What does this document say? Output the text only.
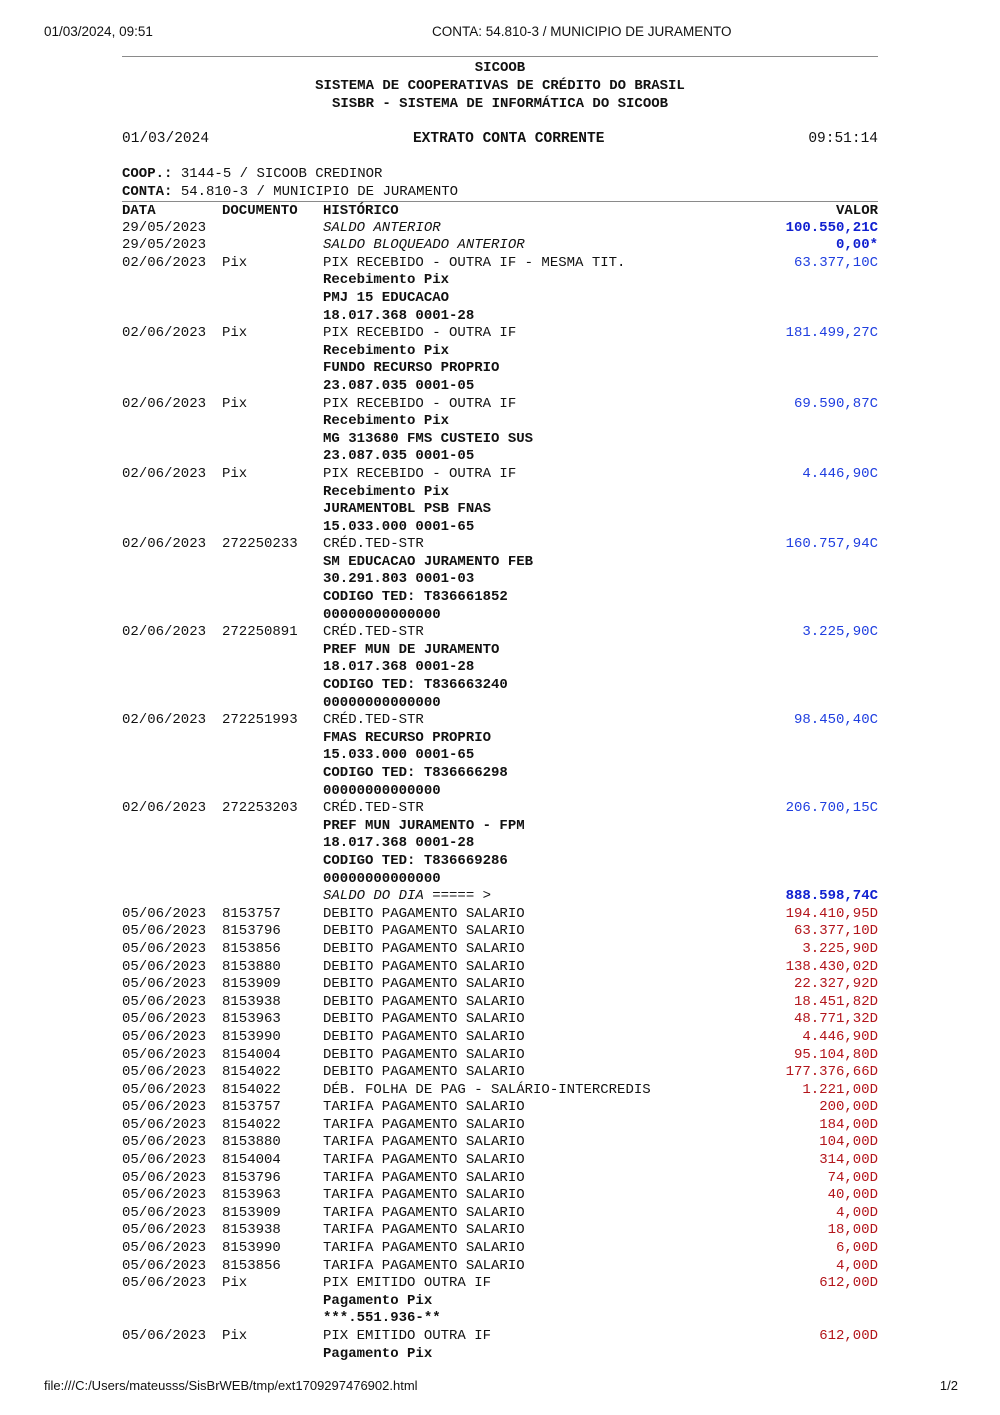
01/03/2024, 09:51	CONTA: 54.810-3 / MUNICIPIO DE JURAMENTO
SICOOB
SISTEMA DE COOPERATIVAS DE CRÉDITO DO BRASIL
SISBR - SISTEMA DE INFORMÁTICA DO SICOOB
01/03/2024	EXTRATO CONTA CORRENTE	09:51:14
COOP.: 3144-5 / SICOOB CREDINOR
CONTA: 54.810-3 / MUNICIPIO DE JURAMENTO
DATA	DOCUMENTO	HISTÓRICO	VALOR
29/05/2023	SALDO ANTERIOR	100.550,21C
29/05/2023	SALDO BLOQUEADO ANTERIOR	0,00*
02/06/2023	Pix	PIX RECEBIDO - OUTRA IF - MESMA TIT.	63.377,10C
Recebimento Pix
PMJ 15 EDUCACAO
18.017.368 0001-28
02/06/2023	Pix	PIX RECEBIDO - OUTRA IF	181.499,27C
Recebimento Pix
FUNDO RECURSO PROPRIO
23.087.035 0001-05
02/06/2023	Pix	PIX RECEBIDO - OUTRA IF	69.590,87C
Recebimento Pix
MG 313680 FMS CUSTEIO SUS
23.087.035 0001-05
02/06/2023	Pix	PIX RECEBIDO - OUTRA IF	4.446,90C
Recebimento Pix
JURAMENTOBL PSB FNAS
15.033.000 0001-65
02/06/2023	272250233	CRÉD.TED-STR	160.757,94C
SM EDUCACAO JURAMENTO FEB
30.291.803 0001-03
CODIGO TED: T836661852
00000000000000
02/06/2023	272250891	CRÉD.TED-STR	3.225,90C
PREF MUN DE JURAMENTO
18.017.368 0001-28
CODIGO TED: T836663240
00000000000000
02/06/2023	272251993	CRÉD.TED-STR	98.450,40C
FMAS RECURSO PROPRIO
15.033.000 0001-65
CODIGO TED: T836666298
00000000000000
02/06/2023	272253203	CRÉD.TED-STR	206.700,15C
PREF MUN JURAMENTO - FPM
18.017.368 0001-28
CODIGO TED: T836669286
00000000000000
SALDO DO DIA ===== >	888.598,74C
05/06/2023	8153757	DEBITO PAGAMENTO SALARIO	194.410,95D
05/06/2023	8153796	DEBITO PAGAMENTO SALARIO	63.377,10D
05/06/2023	8153856	DEBITO PAGAMENTO SALARIO	3.225,90D
05/06/2023	8153880	DEBITO PAGAMENTO SALARIO	138.430,02D
05/06/2023	8153909	DEBITO PAGAMENTO SALARIO	22.327,92D
05/06/2023	8153938	DEBITO PAGAMENTO SALARIO	18.451,82D
05/06/2023	8153963	DEBITO PAGAMENTO SALARIO	48.771,32D
05/06/2023	8153990	DEBITO PAGAMENTO SALARIO	4.446,90D
05/06/2023	8154004	DEBITO PAGAMENTO SALARIO	95.104,80D
05/06/2023	8154022	DEBITO PAGAMENTO SALARIO	177.376,66D
05/06/2023	8154022	DÉB. FOLHA DE PAG - SALÁRIO-INTERCREDIS	1.221,00D
05/06/2023	8153757	TARIFA PAGAMENTO SALARIO	200,00D
05/06/2023	8154022	TARIFA PAGAMENTO SALARIO	184,00D
05/06/2023	8153880	TARIFA PAGAMENTO SALARIO	104,00D
05/06/2023	8154004	TARIFA PAGAMENTO SALARIO	314,00D
05/06/2023	8153796	TARIFA PAGAMENTO SALARIO	74,00D
05/06/2023	8153963	TARIFA PAGAMENTO SALARIO	40,00D
05/06/2023	8153909	TARIFA PAGAMENTO SALARIO	4,00D
05/06/2023	8153938	TARIFA PAGAMENTO SALARIO	18,00D
05/06/2023	8153990	TARIFA PAGAMENTO SALARIO	6,00D
05/06/2023	8153856	TARIFA PAGAMENTO SALARIO	4,00D
05/06/2023	Pix	PIX EMITIDO OUTRA IF	612,00D
Pagamento Pix
***.551.936-**
05/06/2023	Pix	PIX EMITIDO OUTRA IF	612,00D
Pagamento Pix
file:///C:/Users/mateusss/SisBrWEB/tmp/ext1709297476902.html	1/2
